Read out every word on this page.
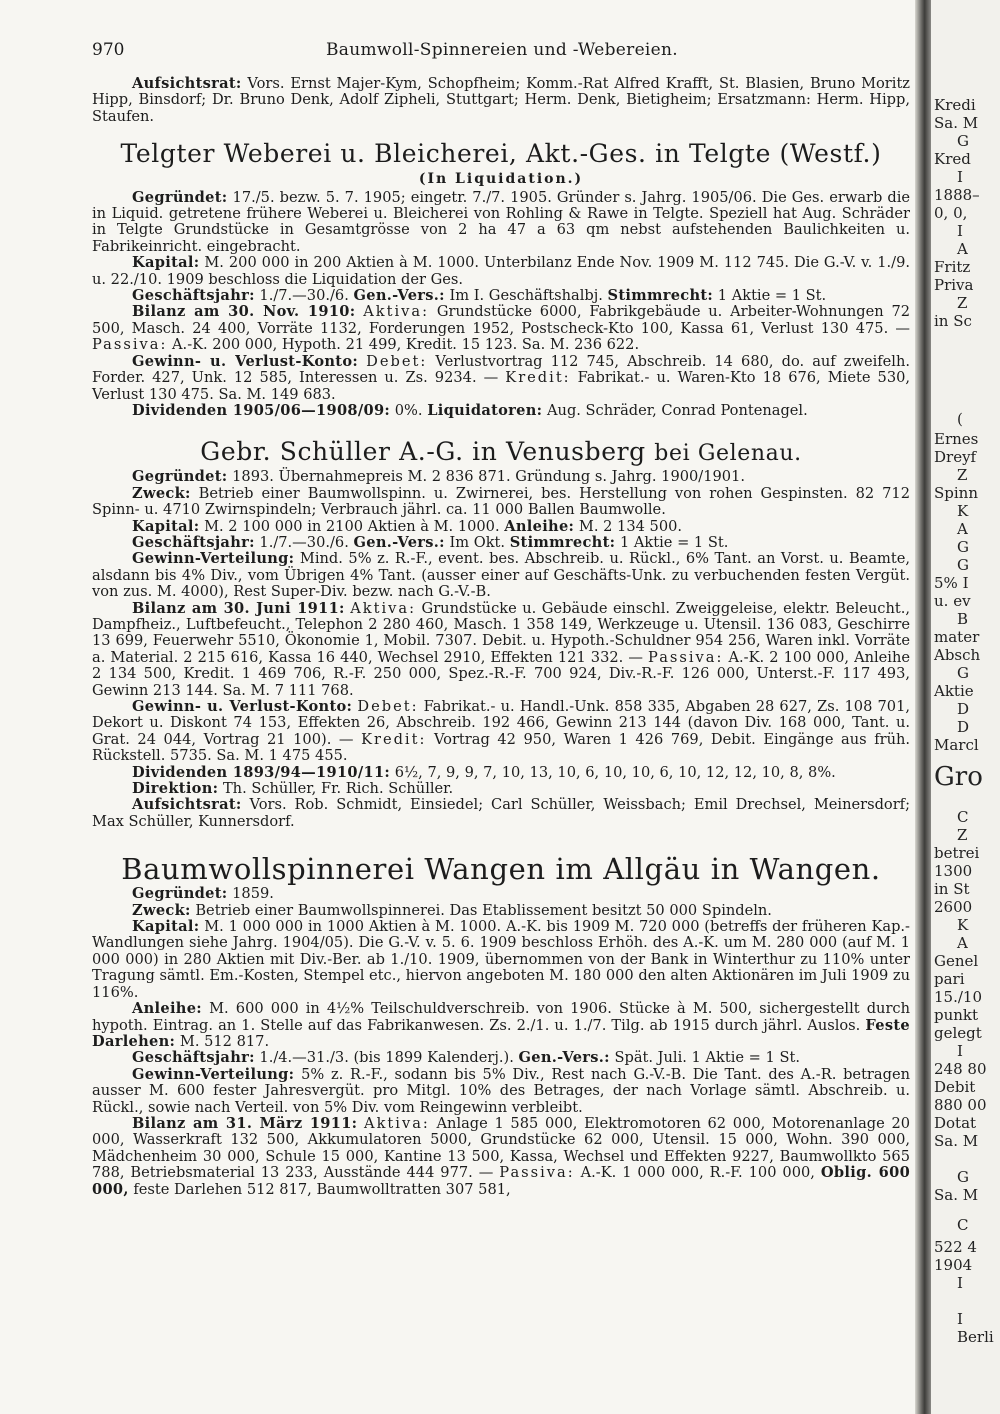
970	Baumwoll-Spinnereien und -Webereien.

Aufsichtsrat: Vors. Ernst Majer-Kym, Schopfheim; Komm.-Rat Alfred Krafft, St. Blasien, Bruno Moritz Hipp, Binsdorf; Dr. Bruno Denk, Adolf Zipheli, Stuttgart; Herm. Denk, Bietigheim; Ersatzmann: Herm. Hipp, Staufen.

Telgter Weberei u. Bleicherei, Akt.-Ges. in Telgte (Westf.)
(In Liquidation.)

Gegründet: 17./5. bezw. 5. 7. 1905; eingetr. 7./7. 1905. Gründer s. Jahrg. 1905/06. Die Ges. erwarb die in Liquid. getretene frühere Weberei u. Bleicherei von Rohling & Rawe in Telgte. Speziell hat Aug. Schräder in Telgte Grundstücke in Gesamtgrösse von 2 ha 47 a 63 qm nebst aufstehenden Baulichkeiten u. Fabrikeinricht. eingebracht.

Kapital: M. 200 000 in 200 Aktien à M. 1000. Unterbilanz Ende Nov. 1909 M. 112 745. Die G.-V. v. 1./9. u. 22./10. 1909 beschloss die Liquidation der Ges.

Geschäftsjahr: 1./7.—30./6. Gen.-Vers.: Im I. Geschäftshalbj. Stimmrecht: 1 Aktie = 1 St.

Bilanz am 30. Nov. 1910: Aktiva: Grundstücke 6000, Fabrikgebäude u. Arbeiter-Wohnungen 72 500, Masch. 24 400, Vorräte 1132, Forderungen 1952, Postscheck-Kto 100, Kassa 61, Verlust 130 475. — Passiva: A.-K. 200 000, Hypoth. 21 499, Kredit. 15 123. Sa. M. 236 622.

Gewinn- u. Verlust-Konto: Debet: Verlustvortrag 112 745, Abschreib. 14 680, do. auf zweifelh. Forder. 427, Unk. 12 585, Interessen u. Zs. 9234. — Kredit: Fabrikat.- u. Waren-Kto 18 676, Miete 530, Verlust 130 475. Sa. M. 149 683.

Dividenden 1905/06—1908/09: 0%. Liquidatoren: Aug. Schräder, Conrad Pontenagel.

Gebr. Schüller A.-G. in Venusberg bei Gelenau.

Gegründet: 1893. Übernahmepreis M. 2 836 871. Gründung s. Jahrg. 1900/1901.

Zweck: Betrieb einer Baumwollspinn. u. Zwirnerei, bes. Herstellung von rohen Gespinsten. 82 712 Spinn- u. 4710 Zwirnspindeln; Verbrauch jährl. ca. 11 000 Ballen Baumwolle.

Kapital: M. 2 100 000 in 2100 Aktien à M. 1000. Anleihe: M. 2 134 500.

Geschäftsjahr: 1./7.—30./6. Gen.-Vers.: Im Okt. Stimmrecht: 1 Aktie = 1 St.

Gewinn-Verteilung: Mind. 5% z. R.-F., event. bes. Abschreib. u. Rückl., 6% Tant. an Vorst. u. Beamte, alsdann bis 4% Div., vom Übrigen 4% Tant. (ausser einer auf Geschäfts-Unk. zu verbuchenden festen Vergüt. von zus. M. 4000), Rest Super-Div. bezw. nach G.-V.-B.

Bilanz am 30. Juni 1911: Aktiva: Grundstücke u. Gebäude einschl. Zweiggeleise, elektr. Beleucht., Dampfheiz., Luftbefeucht., Telephon 2 280 460, Masch. 1 358 149, Werkzeuge u. Utensil. 136 083, Geschirre 13 699, Feuerwehr 5510, Ökonomie 1, Mobil. 7307. Debit. u. Hypoth.-Schuldner 954 256, Waren inkl. Vorräte a. Material. 2 215 616, Kassa 16 440, Wechsel 2910, Effekten 121 332. — Passiva: A.-K. 2 100 000, Anleihe 2 134 500, Kredit. 1 469 706, R.-F. 250 000, Spez.-R.-F. 700 924, Div.-R.-F. 126 000, Unterst.-F. 117 493, Gewinn 213 144. Sa. M. 7 111 768.

Gewinn- u. Verlust-Konto: Debet: Fabrikat.- u. Handl.-Unk. 858 335, Abgaben 28 627, Zs. 108 701, Dekort u. Diskont 74 153, Effekten 26, Abschreib. 192 466, Gewinn 213 144 (davon Div. 168 000, Tant. u. Grat. 24 044, Vortrag 21 100). — Kredit: Vortrag 42 950, Waren 1 426 769, Debit. Eingänge aus früh. Rückstell. 5735. Sa. M. 1 475 455.

Dividenden 1893/94—1910/11: 6½, 7, 9, 9, 7, 10, 13, 10, 6, 10, 10, 6, 10, 12, 12, 10, 8, 8%.

Direktion: Th. Schüller, Fr. Rich. Schüller.

Aufsichtsrat: Vors. Rob. Schmidt, Einsiedel; Carl Schüller, Weissbach; Emil Drechsel, Meinersdorf; Max Schüller, Kunnersdorf.

Baumwollspinnerei Wangen im Allgäu in Wangen.

Gegründet: 1859.

Zweck: Betrieb einer Baumwollspinnerei. Das Etablissement besitzt 50 000 Spindeln.

Kapital: M. 1 000 000 in 1000 Aktien à M. 1000. A.-K. bis 1909 M. 720 000 (betreffs der früheren Kap.-Wandlungen siehe Jahrg. 1904/05). Die G.-V. v. 5. 6. 1909 beschloss Erhöh. des A.-K. um M. 280 000 (auf M. 1 000 000) in 280 Aktien mit Div.-Ber. ab 1./10. 1909, übernommen von der Bank in Winterthur zu 110% unter Tragung sämtl. Em.-Kosten, Stempel etc., hiervon angeboten M. 180 000 den alten Aktionären im Juli 1909 zu 116%.

Anleihe: M. 600 000 in 4½% Teilschuldverschreib. von 1906. Stücke à M. 500, sichergestellt durch hypoth. Eintrag. an 1. Stelle auf das Fabrikanwesen. Zs. 2./1. u. 1./7. Tilg. ab 1915 durch jährl. Auslos. Feste Darlehen: M. 512 817.

Geschäftsjahr: 1./4.—31./3. (bis 1899 Kalenderj.). Gen.-Vers.: Spät. Juli. 1 Aktie = 1 St.

Gewinn-Verteilung: 5% z. R.-F., sodann bis 5% Div., Rest nach G.-V.-B. Die Tant. des A.-R. betragen ausser M. 600 fester Jahresvergüt. pro Mitgl. 10% des Betrages, der nach Vorlage sämtl. Abschreib. u. Rückl., sowie nach Verteil. von 5% Div. vom Reingewinn verbleibt.

Bilanz am 31. März 1911: Aktiva: Anlage 1 585 000, Elektromotoren 62 000, Motorenanlage 20 000, Wasserkraft 132 500, Akkumulatoren 5000, Grundstücke 62 000, Utensil. 15 000, Wohn. 390 000, Mädchenheim 30 000, Schule 15 000, Kantine 13 500, Kassa, Wechsel und Effekten 9227, Baumwollkto 565 788, Betriebsmaterial 13 233, Ausstände 444 977. — Passiva: A.-K. 1 000 000, R.-F. 100 000, Oblig. 600 000, feste Darlehen 512 817, Baumwolltratten 307 581,

Kredi
Sa. M
G
Kred
I
1888–
0, 0,
I
A
Fritz
Priva
Z
in Sc
(
Ernes
Dreyf
Z
Spinn
K
A
G
G
5% I
u. ev
B
mater
Absch
G
Aktie
D
D
Marcl
Gro
C
Z
betrei
1300
in St
2600
K
A
Genel
pari
15./10
punkt
gelegt
I
248 80
Debit
880 00
Dotat
Sa. M
G
Sa. M
C
522 4
1904
I
I
Berli
